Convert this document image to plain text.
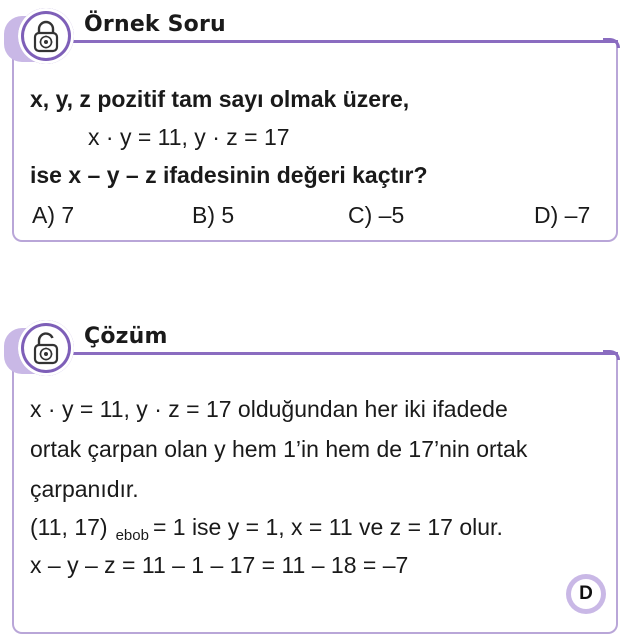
Örnek Soru
x, y, z pozitif tam sayı olmak üzere,
x · y = 11, y · z = 17
ise x – y – z ifadesinin değeri kaçtır?
A) 7	B) 5	C) –5	D) –7
Çözüm
x · y = 11, y · z = 17 olduğundan her iki ifadede
ortak çarpan olan y hem 1’in hem de 17’nin ortak
çarpanıdır.
(11, 17) $_{ebob}$ = 1 ise y = 1, x = 11 ve z = 17 olur.
x – y – z = 11 – 1 – 17 = 11 – 18 = –7
D
